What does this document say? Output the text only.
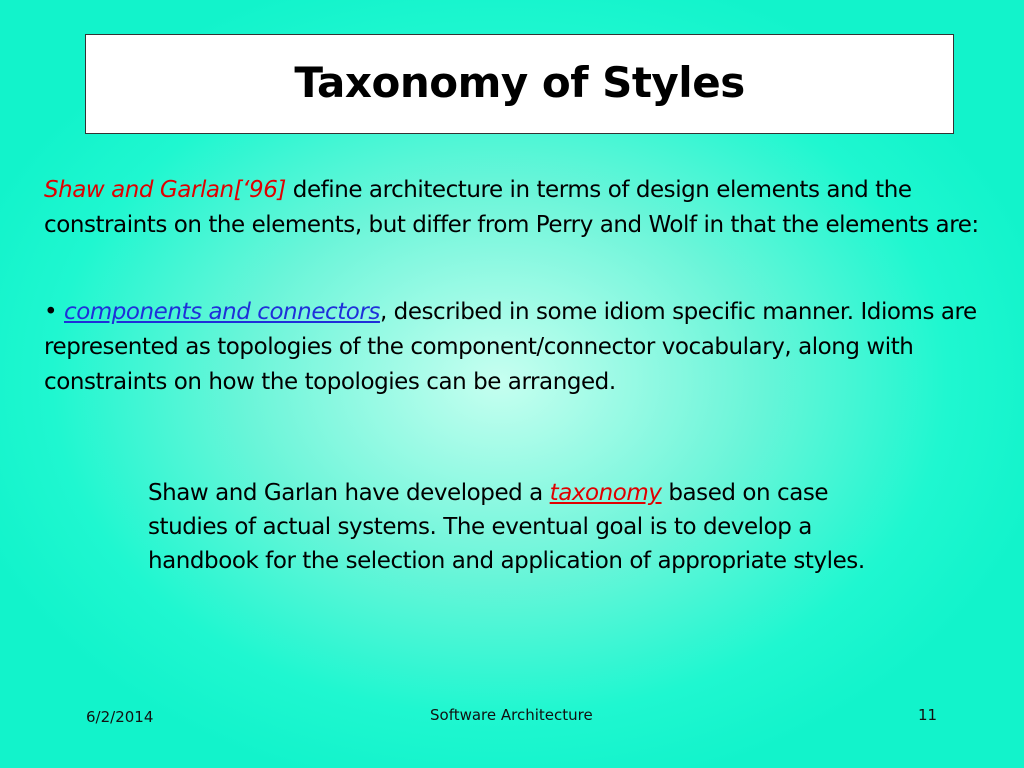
Taxonomy of Styles
Shaw and Garlan[‘96] define architecture in terms of design elements and the constraints on the elements, but differ from Perry and Wolf in that the elements are:
• components and connectors, described in some idiom specific manner. Idioms are represented as topologies of the component/connector vocabulary, along with constraints on how the topologies can be arranged.
Shaw and Garlan have developed a taxonomy based on case studies of actual systems. The eventual goal is to develop a handbook for the selection and application of appropriate styles.
6/2/2014	Software Architecture	11
